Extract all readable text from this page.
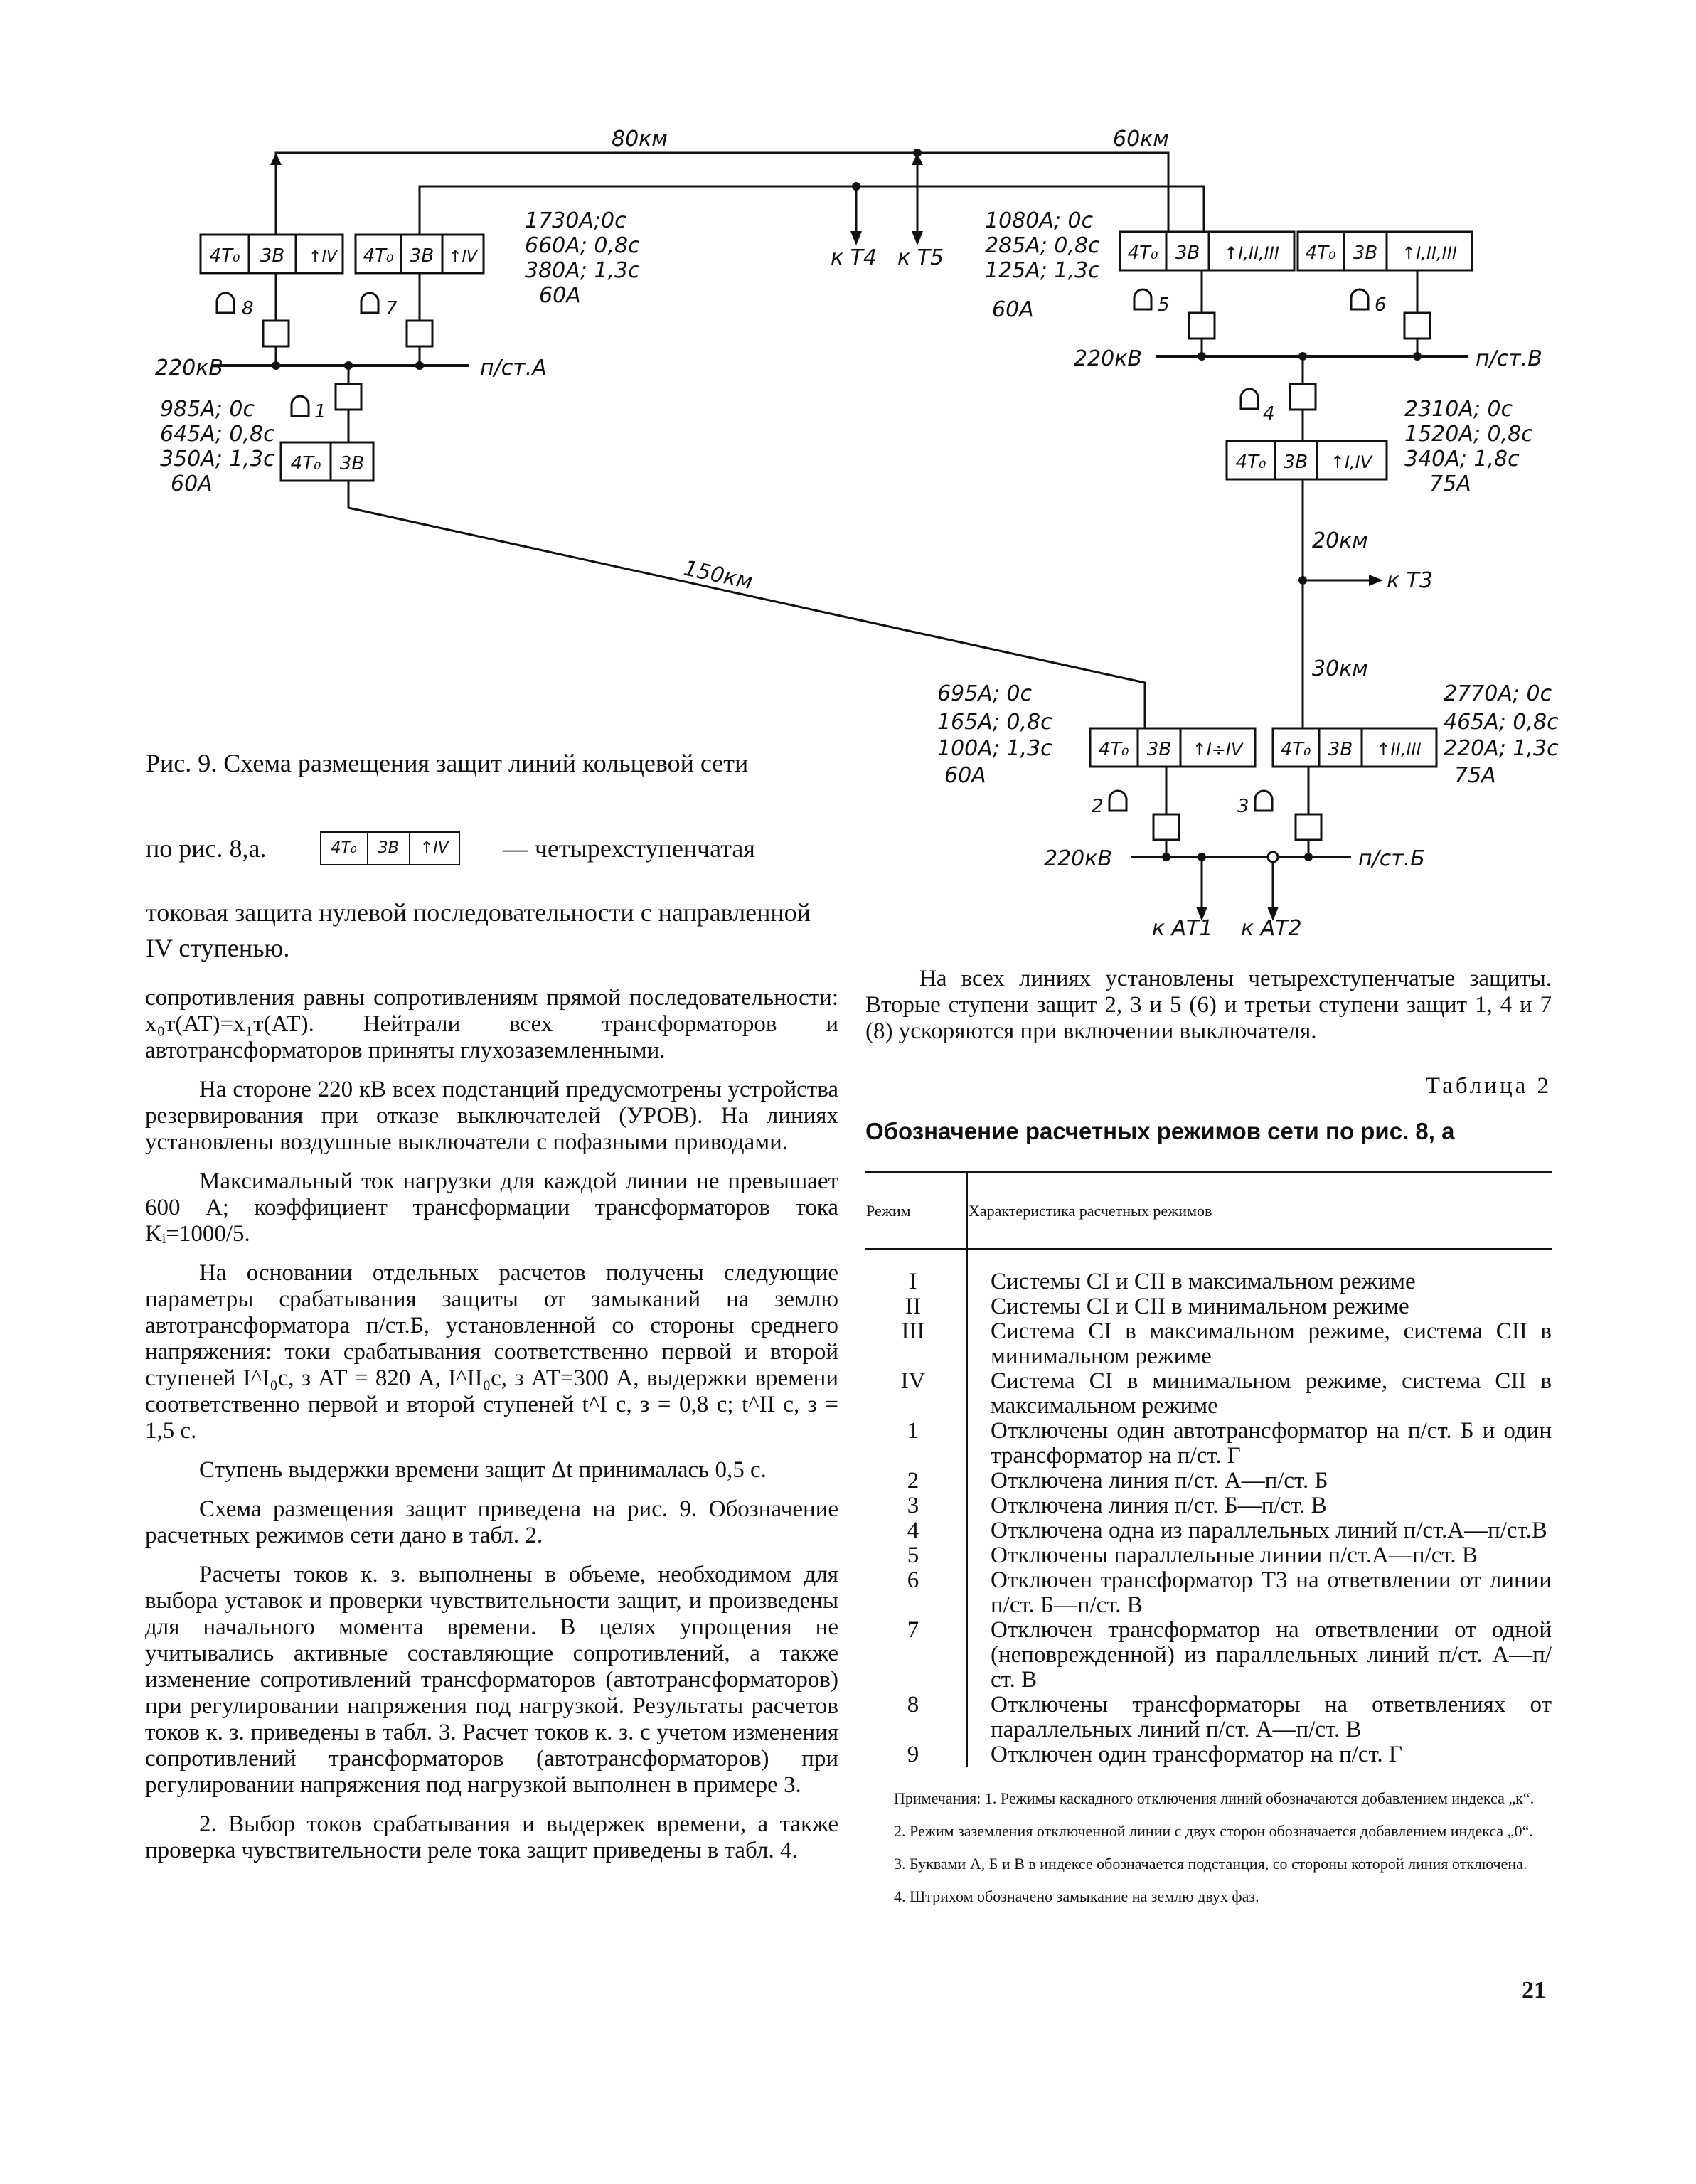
4Т₀ 3В ↑IV 4Т₀ 3В ↑IV	4Т₀ 3В ↑I,II,III 4Т₀ 3В ↑I,II,III
4Т₀ 3В	4Т₀ 3В ↑I,IV
4Т₀ 3В ↑I÷IV 4Т₀ 3В ↑II,III
8	7
1
5	6
4
2	3
80км	60км
150км
20км
30км
к Т4 к Т5
к Т3
к АТ1 к АТ2
220кВ	п/ст.А	220кВ	п/ст.В
220кВ	п/ст.Б
1730А;0с
660А; 0,8с
380А; 1,3с
60А
1080А; 0с
285А; 0,8с
125А; 1,3с
60А
985А; 0с
645А; 0,8с
350А; 1,3с
60А
2310А; 0с
1520А; 0,8с
340А; 1,8с
75А
695А; 0с
165А; 0,8с
100А; 1,3с
60А
2770А; 0с
465А; 0,8с
220А; 1,3с
75А
Рис. 9. Схема размещения защит линий кольцевой сети
по рис. 8,а.	4Т₀	3В	↑IV	— четырехступенчатая
токовая защита нулевой последовательности с направленной IV ступенью.

сопротивления равны сопротивлениям прямой последовательности: x₀т(АТ)=x₁т(АТ). Нейтрали всех трансформаторов и автотрансформаторов приняты глухозаземленными.

На стороне 220 кВ всех подстанций предусмотрены устройства резервирования при отказе выключателей (УРОВ). На линиях установлены воздушные выключатели с пофазными приводами.

Максимальный ток нагрузки для каждой линии не превышает 600 А; коэффициент трансформации трансформаторов тока Kᵢ=1000/5.

На основании отдельных расчетов получены следующие параметры срабатывания защиты от замыканий на землю автотрансформатора п/ст.Б, установленной со стороны среднего напряжения: токи срабатывания соответственно первой и второй ступеней I^I₀с, з АТ = 820 А, I^II₀с, з АТ=300 А, выдержки времени соответственно первой и второй ступеней t^I с, з = 0,8 с; t^II с, з = 1,5 с.

Ступень выдержки времени защит Δt принималась 0,5 с.

Схема размещения защит приведена на рис. 9. Обозначение расчетных режимов сети дано в табл. 2.

Расчеты токов к. з. выполнены в объеме, необходимом для выбора уставок и проверки чувствительности защит, и произведены для начального момента времени. В целях упрощения не учитывались активные составляющие сопротивлений, а также изменение сопротивлений трансформаторов (автотрансформаторов) при регулировании напряжения под нагрузкой. Результаты расчетов токов к. з. приведены в табл. 3. Расчет токов к. з. с учетом изменения сопротивлений трансформаторов (автотрансформаторов) при регулировании напряжения под нагрузкой выполнен в примере 3.

2. Выбор токов срабатывания и выдержек времени, а также проверка чувствительности реле тока защит приведены в табл. 4.

На всех линиях установлены четырехступенчатые защиты. Вторые ступени защит 2, 3 и 5 (6) и третьи ступени защит 1, 4 и 7 (8) ускоряются при включении выключателя.

Таблица 2
Обозначение расчетных режимов сети по рис. 8, а
Режим	Характеристика расчетных режимов
I	Системы CI и CII в максимальном режиме
II	Системы CI и CII в минимальном режиме
III	Система CI в максимальном режиме, система CII в минимальном режиме
IV	Система CI в минимальном режиме, система CII в максимальном режиме
1	Отключены один автотрансформатор на п/ст. Б и один трансформатор на п/ст. Г
2	Отключена линия п/ст. А—п/ст. Б
3	Отключена линия п/ст. Б—п/ст. В
4	Отключена одна из параллельных линий п/ст.А—п/ст.В
5	Отключены параллельные линии п/ст.А—п/ст. В
6	Отключен трансформатор Т3 на ответвлении от линии п/ст. Б—п/ст. В
7	Отключен трансформатор на ответвлении от одной (неповрежденной) из параллельных линий п/ст. А—п/ст. В
8	Отключены трансформаторы на ответвлениях от параллельных линий п/ст. А—п/ст. В
9	Отключен один трансформатор на п/ст. Г

Примечания: 1. Режимы каскадного отключения линий обозначаются добавлением индекса „к“.

2. Режим заземления отключенной линии с двух сторон обозначается добавлением индекса „0“.

3. Буквами А, Б и В в индексе обозначается подстанция, со стороны которой линия отключена.

4. Штрихом обозначено замыкание на землю двух фаз.

21
